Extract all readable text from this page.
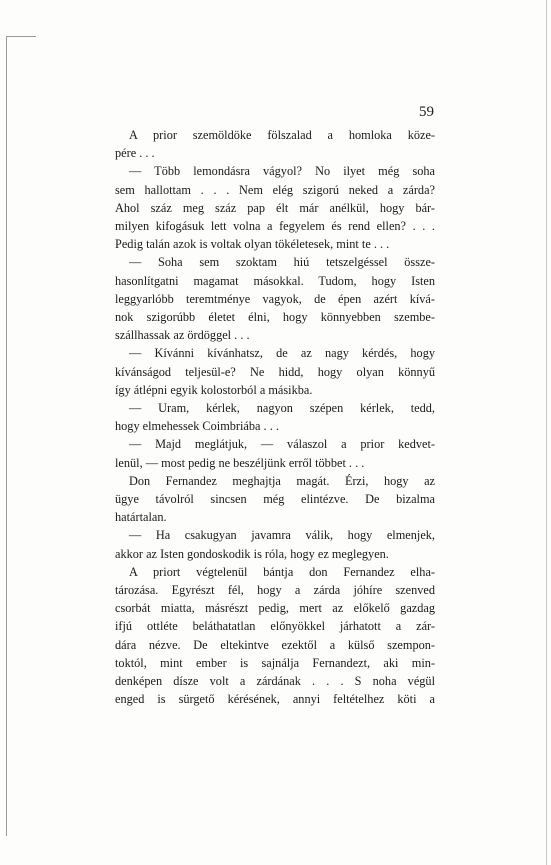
59
A prior szemöldöke fölszalad a homloka köze-
pére . . .
— Több lemondásra vágyol? No ilyet még soha
sem hallottam . . . Nem elég szigorú neked a zárda?
Ahol száz meg száz pap élt már anélkül, hogy bár-
milyen kifogásuk lett volna a fegyelem és rend ellen? . . .
Pedig talán azok is voltak olyan tökéletesek, mint te . . .
— Soha sem szoktam hiú tetszelgéssel össze-
hasonlítgatni magamat másokkal. Tudom, hogy Isten
leggyarlóbb teremtménye vagyok, de épen azért kívá-
nok szigorúbb életet élni, hogy könnyebben szembe-
szállhassak az ördöggel . . .
— Kívánni kívánhatsz, de az nagy kérdés, hogy
kívánságod teljesül-e? Ne hidd, hogy olyan könnyű
így átlépni egyik kolostorból a másikba.
— Uram, kérlek, nagyon szépen kérlek, tedd,
hogy elmehessek Coimbriába . . .
— Majd meglátjuk, — válaszol a prior kedvet-
lenül, — most pedig ne beszéljünk erről többet . . .
Don Fernandez meghajtja magát. Érzi, hogy az
ügye távolról sincsen még elintézve. De bizalma
határtalan.
— Ha csakugyan javamra válik, hogy elmenjek,
akkor az Isten gondoskodik is róla, hogy ez meglegyen.
A priort végtelenül bántja don Fernandez elha-
tározása. Egyrészt fél, hogy a zárda jóhíre szenved
csorbát miatta, másrészt pedig, mert az előkelő gazdag
ifjú ottléte beláthatatlan előnyökkel járhatott a zár-
dára nézve. De eltekintve ezektől a külső szempon-
toktól, mint ember is sajnálja Fernandezt, aki min-
denképen dísze volt a zárdának . . . S noha végül
enged is sürgető kérésének, annyi feltételhez köti a
